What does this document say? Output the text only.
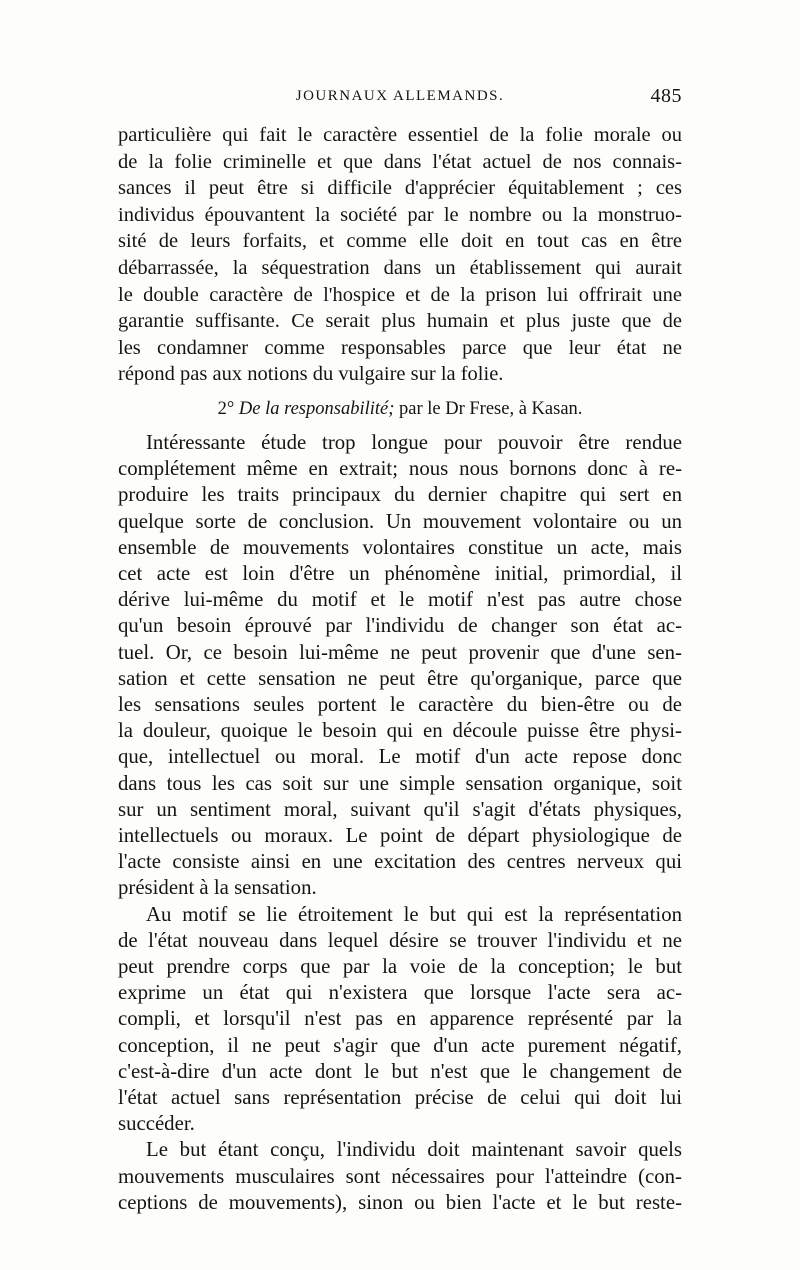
JOURNAUX ALLEMANDS.	485

particulière qui fait le caractère essentiel de la folie morale ou
de la folie criminelle et que dans l'état actuel de nos connais-
sances il peut être si difficile d'apprécier équitablement ; ces
individus épouvantent la société par le nombre ou la monstruo-
sité de leurs forfaits, et comme elle doit en tout cas en être
débarrassée, la séquestration dans un établissement qui aurait
le double caractère de l'hospice et de la prison lui offrirait une
garantie suffisante. Ce serait plus humain et plus juste que de
les condamner comme responsables parce que leur état ne
répond pas aux notions du vulgaire sur la folie.

2° De la responsabilité; par le Dr Frese, à Kasan.

Intéressante étude trop longue pour pouvoir être rendue
complétement même en extrait; nous nous bornons donc à re-
produire les traits principaux du dernier chapitre qui sert en
quelque sorte de conclusion. Un mouvement volontaire ou un
ensemble de mouvements volontaires constitue un acte, mais
cet acte est loin d'être un phénomène initial, primordial, il
dérive lui-même du motif et le motif n'est pas autre chose
qu'un besoin éprouvé par l'individu de changer son état ac-
tuel. Or, ce besoin lui-même ne peut provenir que d'une sen-
sation et cette sensation ne peut être qu'organique, parce que
les sensations seules portent le caractère du bien-être ou de
la douleur, quoique le besoin qui en découle puisse être physi-
que, intellectuel ou moral. Le motif d'un acte repose donc
dans tous les cas soit sur une simple sensation organique, soit
sur un sentiment moral, suivant qu'il s'agit d'états physiques,
intellectuels ou moraux. Le point de départ physiologique de
l'acte consiste ainsi en une excitation des centres nerveux qui
président à la sensation.

Au motif se lie étroitement le but qui est la représentation
de l'état nouveau dans lequel désire se trouver l'individu et ne
peut prendre corps que par la voie de la conception; le but
exprime un état qui n'existera que lorsque l'acte sera ac-
compli, et lorsqu'il n'est pas en apparence représenté par la
conception, il ne peut s'agir que d'un acte purement négatif,
c'est-à-dire d'un acte dont le but n'est que le changement de
l'état actuel sans représentation précise de celui qui doit lui
succéder.

Le but étant conçu, l'individu doit maintenant savoir quels
mouvements musculaires sont nécessaires pour l'atteindre (con-
ceptions de mouvements), sinon ou bien l'acte et le but reste-
